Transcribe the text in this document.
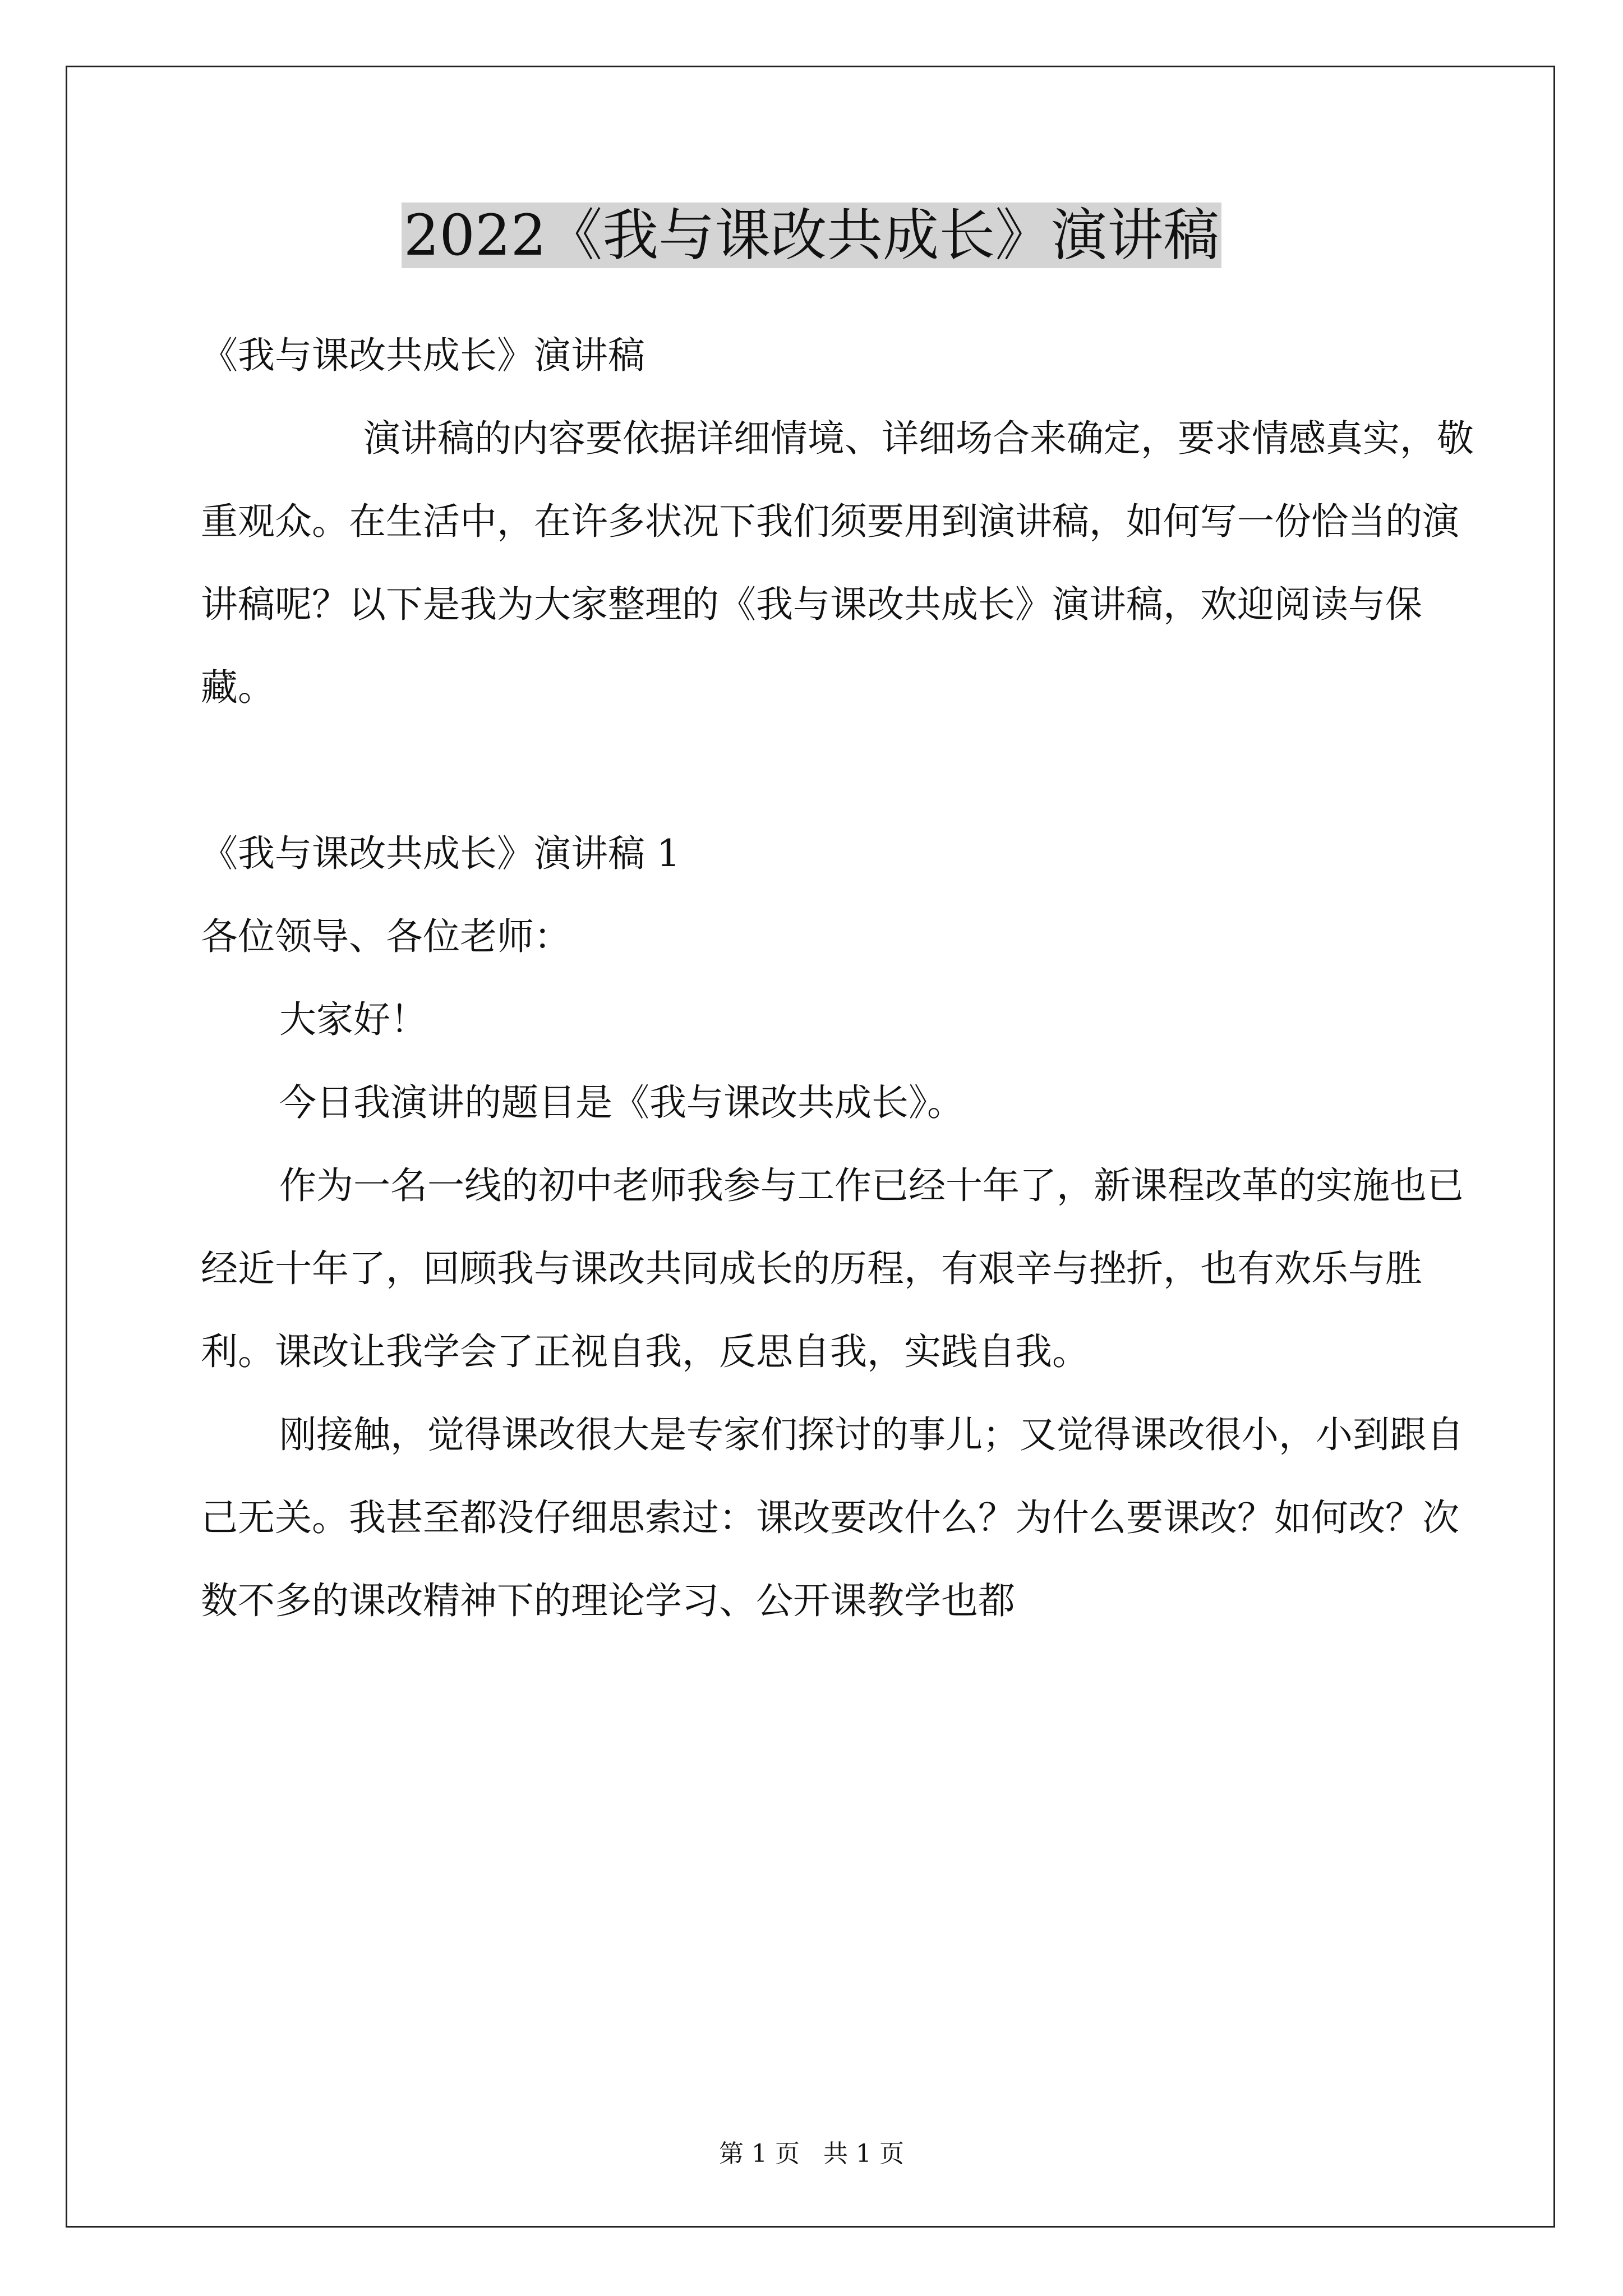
2022《我与课改共成长》演讲稿

《我与课改共成长》演讲稿

演讲稿的内容要依据详细情境、详细场合来确定，要求情感真实，敬重观众。在生活中，在许多状况下我们须要用到演讲稿，如何写一份恰当的演讲稿呢？以下是我为大家整理的《我与课改共成长》演讲稿，欢迎阅读与保藏。

《我与课改共成长》演讲稿 1

各位领导、各位老师：

大家好！

今日我演讲的题目是《我与课改共成长》。

作为一名一线的初中老师我参与工作已经十年了，新课程改革的实施也已经近十年了，回顾我与课改共同成长的历程，有艰辛与挫折，也有欢乐与胜利。课改让我学会了正视自我，反思自我，实践自我。

刚接触，觉得课改很大是专家们探讨的事儿；又觉得课改很小，小到跟自己无关。我甚至都没仔细思索过：课改要改什么？为什么要课改？如何改？次数不多的课改精神下的理论学习、公开课教学也都

第 1 页 共 1 页
